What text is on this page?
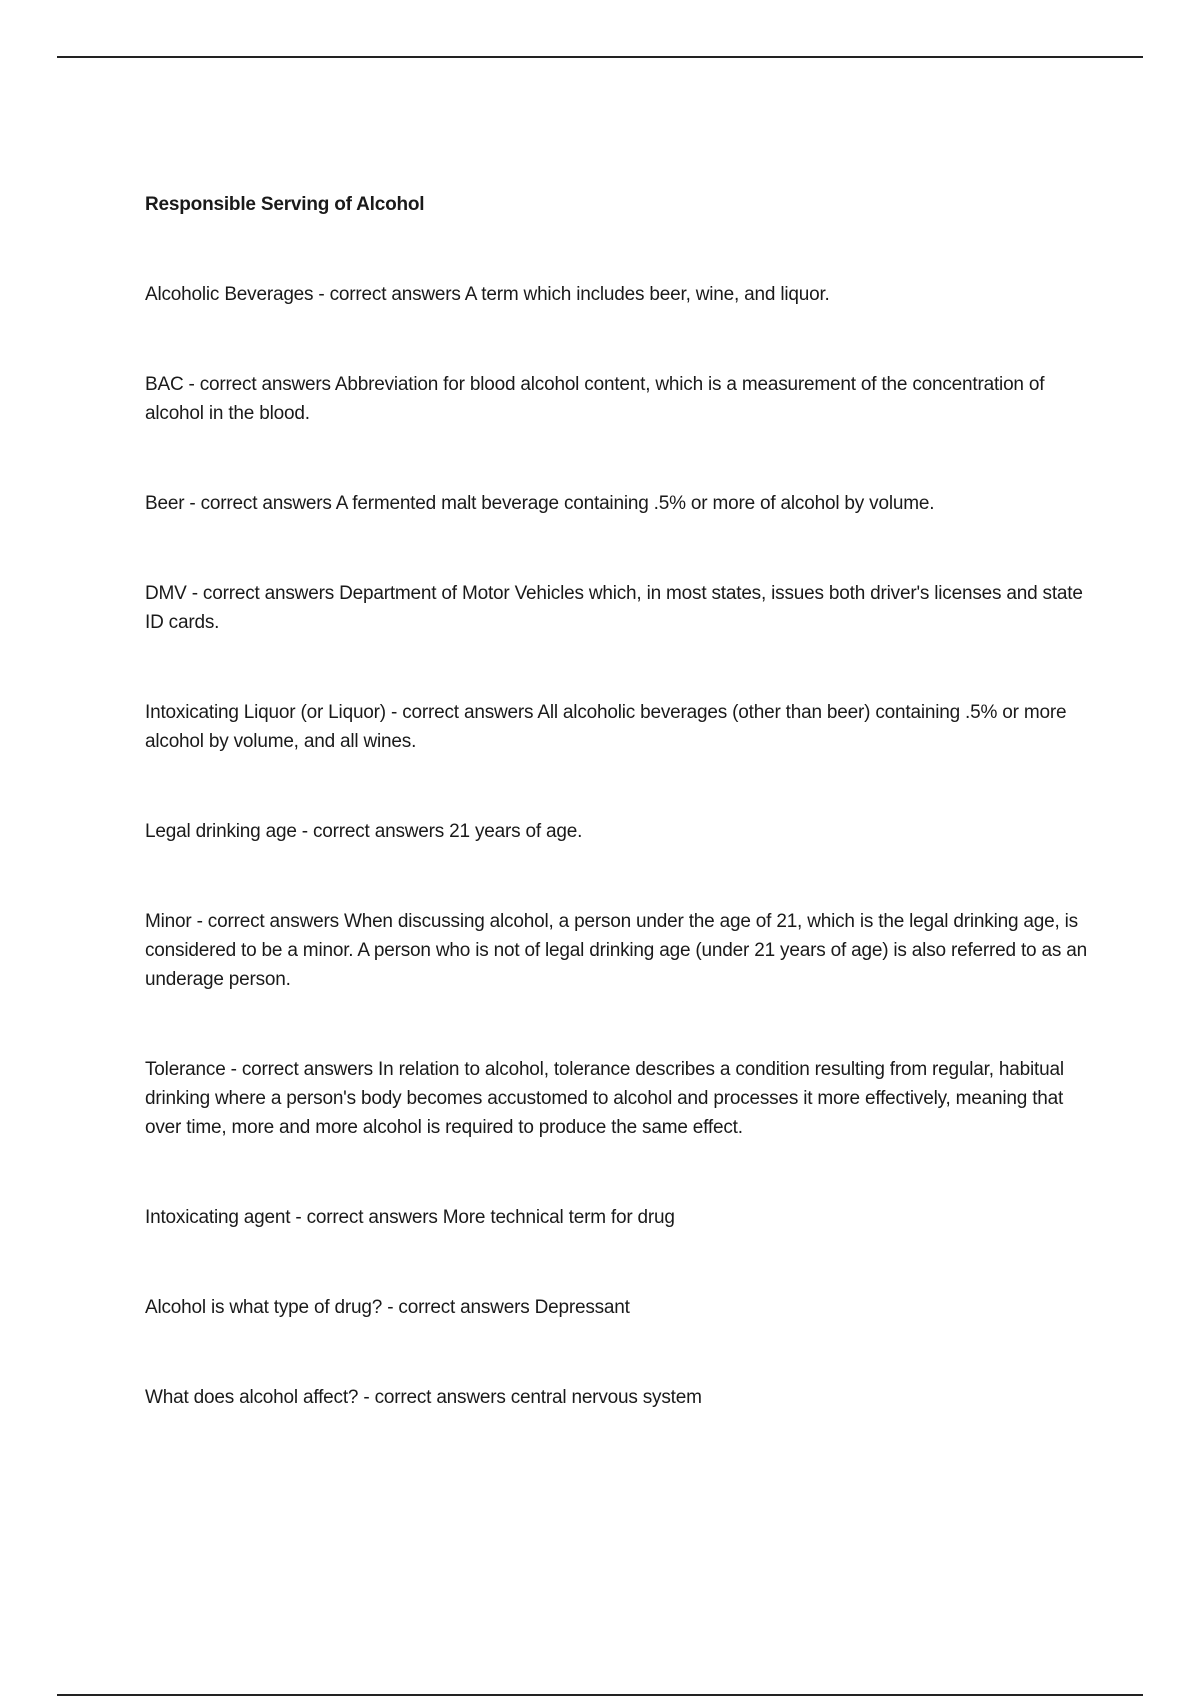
Responsible Serving of Alcohol
Alcoholic Beverages - correct answers A term which includes beer, wine, and liquor.
BAC - correct answers Abbreviation for blood alcohol content, which is a measurement of the concentration of alcohol in the blood.
Beer - correct answers A fermented malt beverage containing .5% or more of alcohol by volume.
DMV - correct answers Department of Motor Vehicles which, in most states, issues both driver's licenses and state ID cards.
Intoxicating Liquor (or Liquor) - correct answers All alcoholic beverages (other than beer) containing .5% or more alcohol by volume, and all wines.
Legal drinking age - correct answers 21 years of age.
Minor - correct answers When discussing alcohol, a person under the age of 21, which is the legal drinking age, is considered to be a minor. A person who is not of legal drinking age (under 21 years of age) is also referred to as an underage person.
Tolerance - correct answers In relation to alcohol, tolerance describes a condition resulting from regular, habitual drinking where a person's body becomes accustomed to alcohol and processes it more effectively, meaning that over time, more and more alcohol is required to produce the same effect.
Intoxicating agent - correct answers More technical term for drug
Alcohol is what type of drug? - correct answers Depressant
What does alcohol affect? - correct answers central nervous system
